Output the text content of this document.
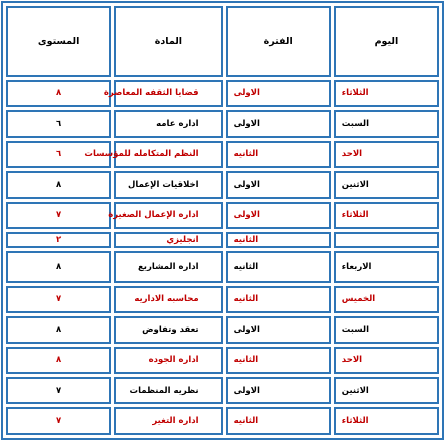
اليوم	الفترة	المادة	المستوى
الثلاثاء	الاولى	قضايا الثقفه المعاصرة	٨
السبت	الاولى	اداره عامه	٦
الاحد	الثانيه	النظم المتكامله للمؤسسات	٦
الاثنين	الاولى	اخلاقيات الإعمال	٨
الثلاثاء	الاولى	اداره الإعمال الصغيرة	٧
	الثانيه	انجليزي	٢
الاربعاء	الثانيه	اداره المشاريع	٨
الخميس	الثانيه	محاسبه الاداريه	٧
السبت	الاولى	تعقد وتفاوض	٨
الاحد	الثانيه	اداره الجوده	٨
الاثنين	الاولى	نظريه المنظمات	٧
الثلاثاء	الثانيه	اداره التغير	٧
